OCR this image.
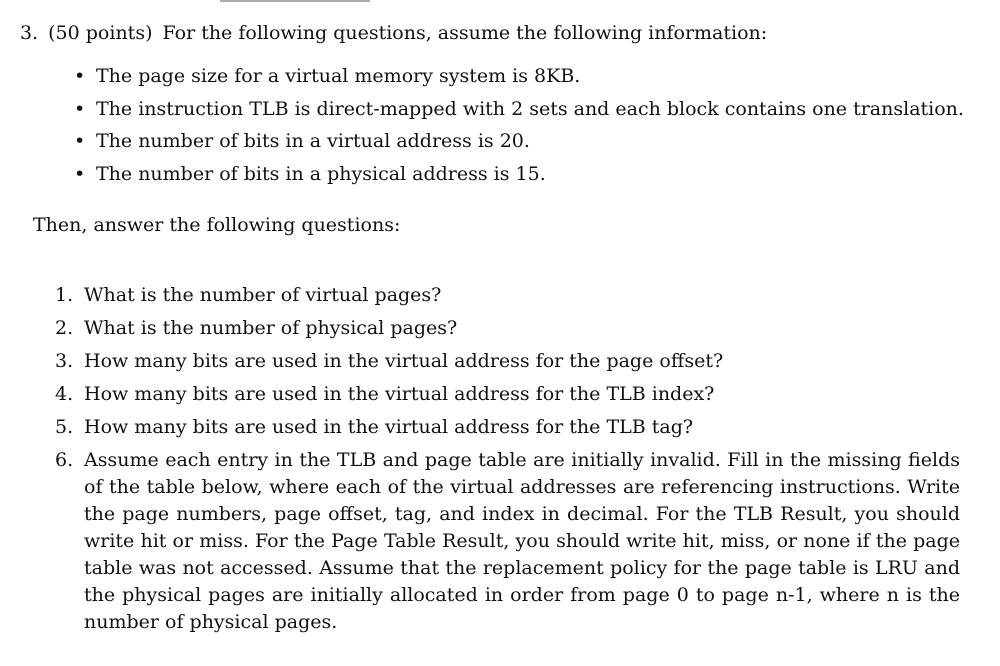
3. (50 points) For the following questions, assume the following information:

• The page size for a virtual memory system is 8KB.
• The instruction TLB is direct-mapped with 2 sets and each block contains one translation.
• The number of bits in a virtual address is 20.
• The number of bits in a physical address is 15.
Then, answer the following questions:
1. What is the number of virtual pages?
2. What is the number of physical pages?
3. How many bits are used in the virtual address for the page offset?
4. How many bits are used in the virtual address for the TLB index?
5. How many bits are used in the virtual address for the TLB tag?
6. Assume each entry in the TLB and page table are initially invalid. Fill in the missing fields of the table below, where each of the virtual addresses are referencing instructions. Write the page numbers, page offset, tag, and index in decimal. For the TLB Result, you should write hit or miss. For the Page Table Result, you should write hit, miss, or none if the page table was not accessed. Assume that the replacement policy for the page table is LRU and the physical pages are initially allocated in order from page 0 to page n-1, where n is the number of physical pages.
